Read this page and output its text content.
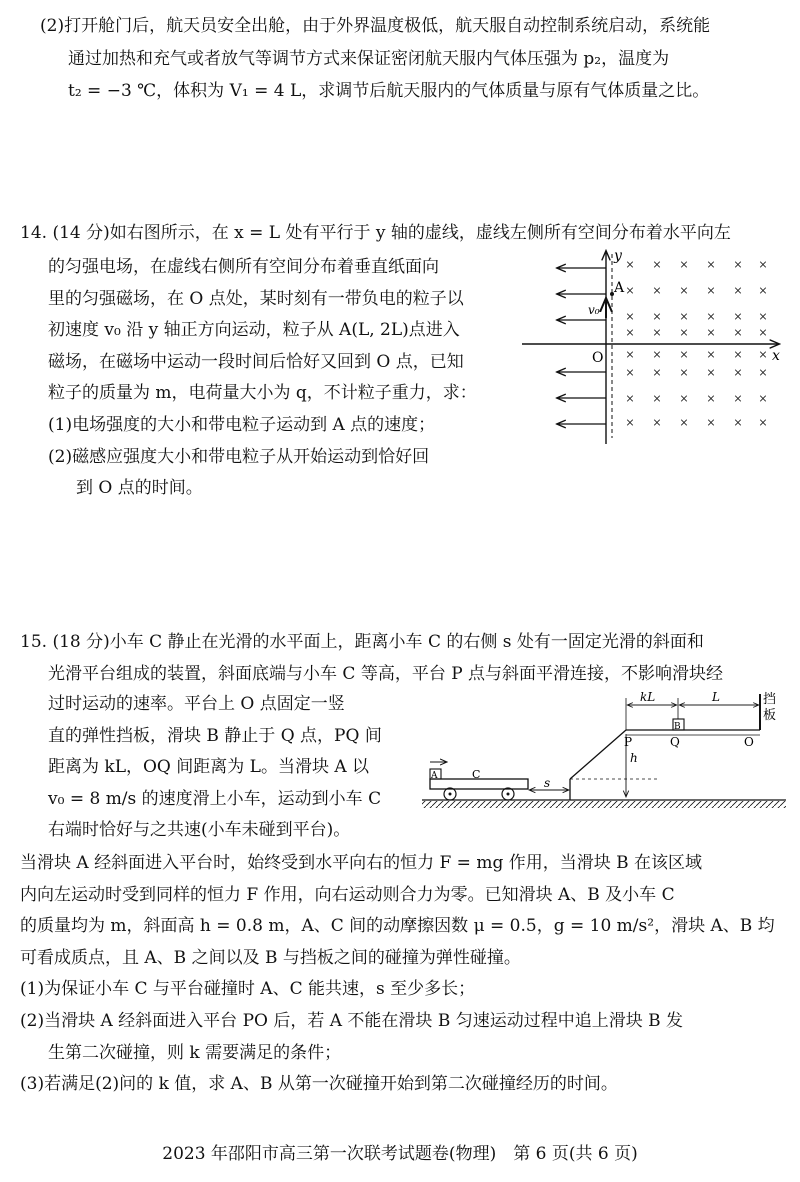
(2)打开舱门后，航天员安全出舱，由于外界温度极低，航天服自动控制系统启动，系统能
通过加热和充气或者放气等调节方式来保证密闭航天服内气体压强为 p₂，温度为
t₂ = −3 ℃，体积为 V₁ = 4 L，求调节后航天服内的气体质量与原有气体质量之比。
14. (14 分)如右图所示，在 x = L 处有平行于 y 轴的虚线，虚线左侧所有空间分布着水平向左

的匀强电场，在虚线右侧所有空间分布着垂直纸面向

里的匀强磁场，在 O 点处，某时刻有一带负电的粒子以

初速度 v₀ 沿 y 轴正方向运动，粒子从 A(L, 2L)点进入

磁场，在磁场中运动一段时间后恰好又回到 O 点，已知

粒子的质量为 m，电荷量大小为 q，不计粒子重力，求：

(1)电场强度的大小和带电粒子运动到 A 点的速度；

(2)磁感应强度大小和带电粒子从开始运动到恰好回

到 O 点的时间。

× × × × × ×
× × × × × ×
× × × × × ×
× × × × × ×
× × × × × ×
× × × × × ×
× × × × × ×
× × × × × ×
y
x
A
O
v₀
15. (18 分)小车 C 静止在光滑的水平面上，距离小车 C 的右侧 s 处有一固定光滑的斜面和
光滑平台组成的装置，斜面底端与小车 C 等高，平台 P 点与斜面平滑连接，不影响滑块经

过时运动的速率。平台上 O 点固定一竖

直的弹性挡板，滑块 B 静止于 Q 点，PQ 间

距离为 kL，OQ 间距离为 L。当滑块 A 以

v₀ = 8 m/s 的速度滑上小车，运动到小车 C

右端时恰好与之共速(小车未碰到平台)。

当滑块 A 经斜面进入平台时，始终受到水平向右的恒力 F = mg 作用，当滑块 B 在该区域

内向左运动时受到同样的恒力 F 作用，向右运动则合力为零。已知滑块 A、B 及小车 C

的质量均为 m，斜面高 h = 0.8 m，A、C 间的动摩擦因数 μ = 0.5，g = 10 m/s²，滑块 A、B 均

可看成质点，且 A、B 之间以及 B 与挡板之间的碰撞为弹性碰撞。

(1)为保证小车 C 与平台碰撞时 A、C 能共速，s 至少多长；

(2)当滑块 A 经斜面进入平台 PO 后，若 A 不能在滑块 B 匀速运动过程中追上滑块 B 发

生第二次碰撞，则 k 需要满足的条件；

(3)若满足(2)问的 k 值，求 A、B 从第一次碰撞开始到第二次碰撞经历的时间。

C
A	s
h
P	Q	O
B
挡
板
kL	L
2023 年邵阳市高三第一次联考试题卷(物理)　第 6 页(共 6 页)
